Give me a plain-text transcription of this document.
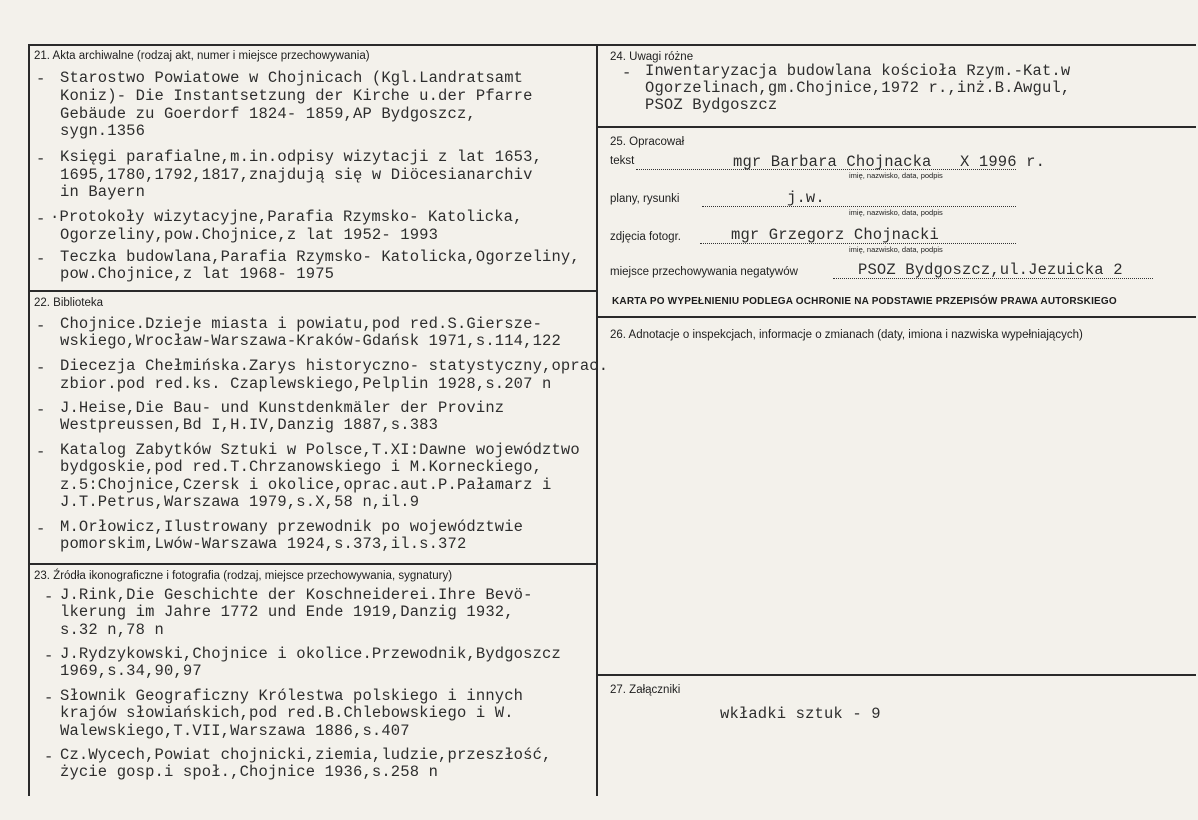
21. Akta archiwalne (rodzaj akt, numer i miejsce przechowywania)
- Starostwo Powiatowe w Chojnicach (Kgl.Landratsamt
Koniz)- Die Instantsetzung der Kirche u.der Pfarre
Gebäude zu Goerdorf 1824- 1859,AP Bydgoszcz,
sygn.1356
- Księgi parafialne,m.in.odpisy wizytacji z lat 1653,
1695,1780,1792,1817,znajdują się w Diöcesianarchiv
in Bayern
- ·Protokoły wizytacyjne,Parafia Rzymsko- Katolicka,
Ogorzeliny,pow.Chojnice,z lat 1952- 1993
- Teczka budowlana,Parafia Rzymsko- Katolicka,Ogorzeliny,
pow.Chojnice,z lat 1968- 1975
22. Biblioteka
- Chojnice.Dzieje miasta i powiatu,pod red.S.Giersze-
wskiego,Wrocław-Warszawa-Kraków-Gdańsk 1971,s.114,122
- Diecezja Chełmińska.Zarys historyczno- statystyczny,oprac.
zbior.pod red.ks. Czaplewskiego,Pelplin 1928,s.207 n
- J.Heise,Die Bau- und Kunstdenkmäler der Provinz
Westpreussen,Bd I,H.IV,Danzig 1887,s.383
- Katalog Zabytków Sztuki w Polsce,T.XI:Dawne województwo
bydgoskie,pod red.T.Chrzanowskiego i M.Korneckiego,
z.5:Chojnice,Czersk i okolice,oprac.aut.P.Pałamarz i
J.T.Petrus,Warszawa 1979,s.X,58 n,il.9
- M.Orłowicz,Ilustrowany przewodnik po województwie
pomorskim,Lwów-Warszawa 1924,s.373,il.s.372
23. Źródła ikonograficzne i fotografia (rodzaj, miejsce przechowywania, sygnatury)
- J.Rink,Die Geschichte der Koschneiderei.Ihre Bevö-
lkerung im Jahre 1772 und Ende 1919,Danzig 1932,
s.32 n,78 n
- J.Rydzykowski,Chojnice i okolice.Przewodnik,Bydgoszcz
1969,s.34,90,97
- Słownik Geograficzny Królestwa polskiego i innych
krajów słowiańskich,pod red.B.Chlebowskiego i W.
Walewskiego,T.VII,Warszawa 1886,s.407
- Cz.Wycech,Powiat chojnicki,ziemia,ludzie,przeszłość,
życie gosp.i społ.,Chojnice 1936,s.258 n
24. Uwagi różne
- Inwentaryzacja budowlana kościoła Rzym.-Kat.w
Ogorzelinach,gm.Chojnice,1972 r.,inż.B.Awgul,
PSOZ Bydgoszcz
25. Opracował
tekst	mgr Barbara Chojnacka X 1996 r.
imię, nazwisko, data, podpis
plany, rysunki	j.w.
imię, nazwisko, data, podpis
zdjęcia fotogr.	mgr Grzegorz Chojnacki
imię, nazwisko, data, podpis
miejsce przechowywania negatywów	PSOZ Bydgoszcz,ul.Jezuicka 2
KARTA PO WYPEŁNIENIU PODLEGA OCHRONIE NA PODSTAWIE PRZEPISÓW PRAWA AUTORSKIEGO
26. Adnotacje o inspekcjach, informacje o zmianach (daty, imiona i nazwiska wypełniających)
27. Załączniki
wkładki sztuk - 9
